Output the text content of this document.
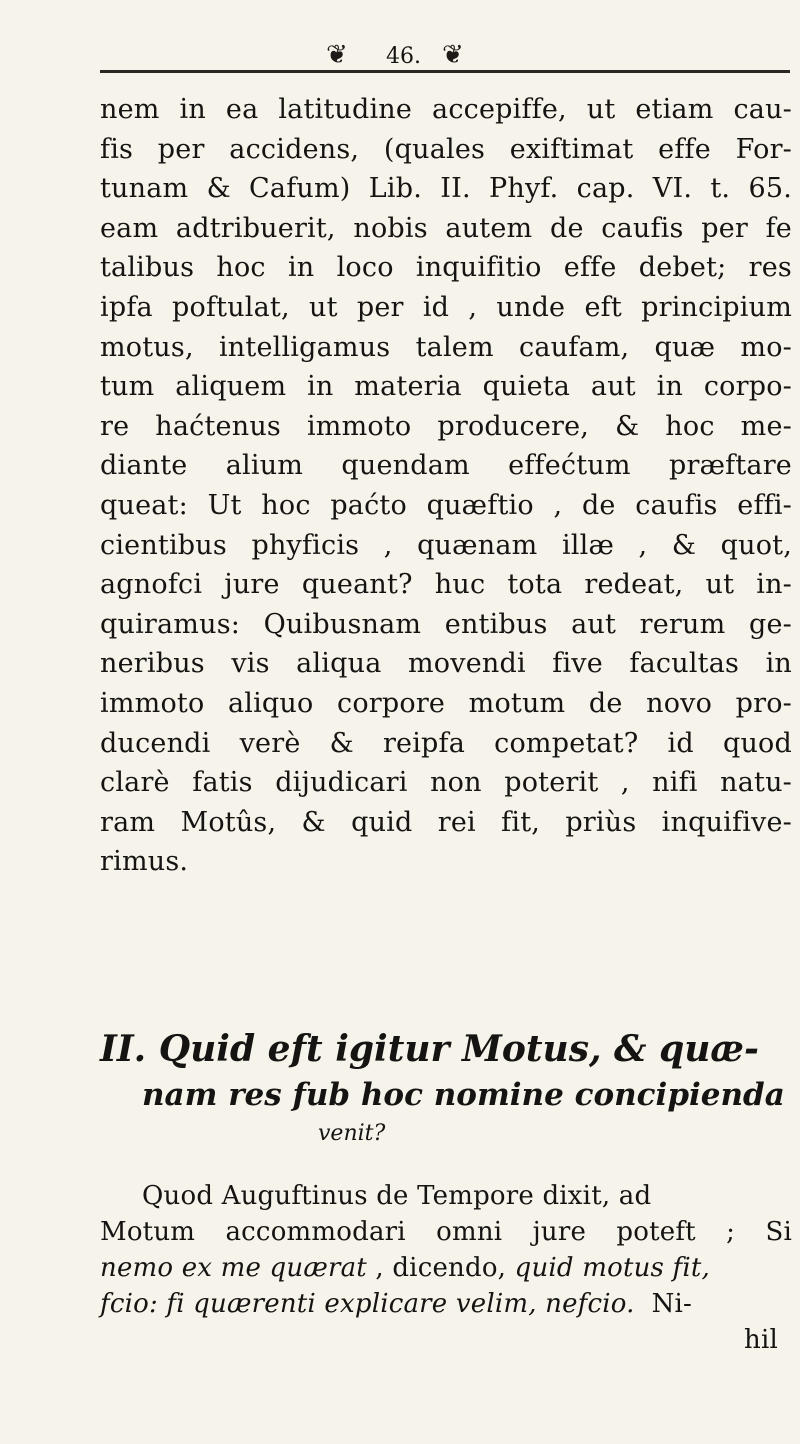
❦ 46. ❦
nem in ea latitudine accepiffe, ut etiam cau-
fis per accidens, (quales exiftimat effe For-
tunam & Cafum) Lib. II. Phyf. cap. VI. t. 65.
eam adtribuerit, nobis autem de caufis per fe
talibus hoc in loco inquifitio effe debet; res
ipfa poftulat, ut per id , unde eft principium
motus, intelligamus talem caufam, quæ mo-
tum aliquem in materia quieta aut in corpo-
re haćtenus immoto producere, & hoc me-
diante alium quendam effećtum præftare
queat: Ut hoc paćto quæftio , de caufis effi-
cientibus phyficis , quænam illæ , & quot,
agnofci jure queant? huc tota redeat, ut in-
quiramus: Quibusnam entibus aut rerum ge-
neribus vis aliqua movendi five facultas in
immoto aliquo corpore motum de novo pro-
ducendi verè & reipfa competat? id quod
clarè fatis dijudicari non poterit , nifi natu-
ram Motûs, & quid rei fit, priùs inquifive-
rimus.
II. Quid eft igitur Motus, & quæ-
nam res fub hoc nomine concipienda
venit?
Quod Auguftinus de Tempore dixit, ad
Motum accommodari omni jure poteft ; Si
nemo ex me quærat , dicendo, quid motus fit,
fcio: fi quærenti explicare velim, nefcio. Ni-
hil
